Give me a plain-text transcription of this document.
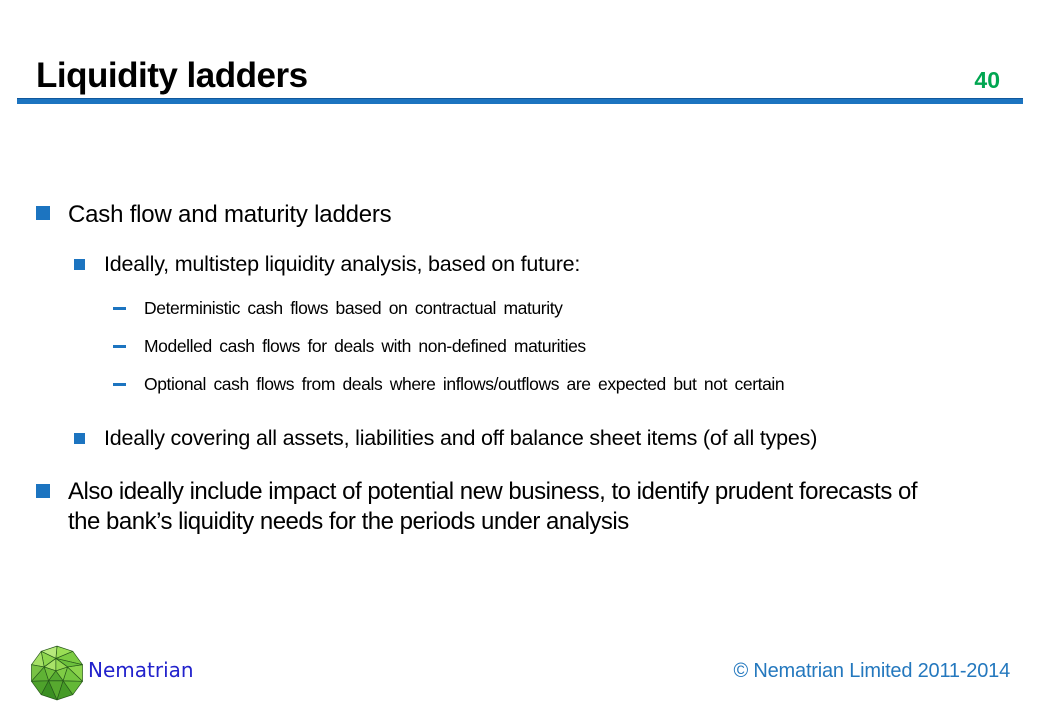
Liquidity ladders	40
Cash flow and maturity ladders
Ideally, multistep liquidity analysis, based on future:
Deterministic cash flows based on contractual maturity
Modelled cash flows for deals with non-defined maturities
Optional cash flows from deals where inflows/outflows are expected but not certain
Ideally covering all assets, liabilities and off balance sheet items (of all types)
Also ideally include impact of potential new business, to identify prudent forecasts of the bank’s liquidity needs for the periods under analysis
Nematrian	© Nematrian Limited 2011-2014
